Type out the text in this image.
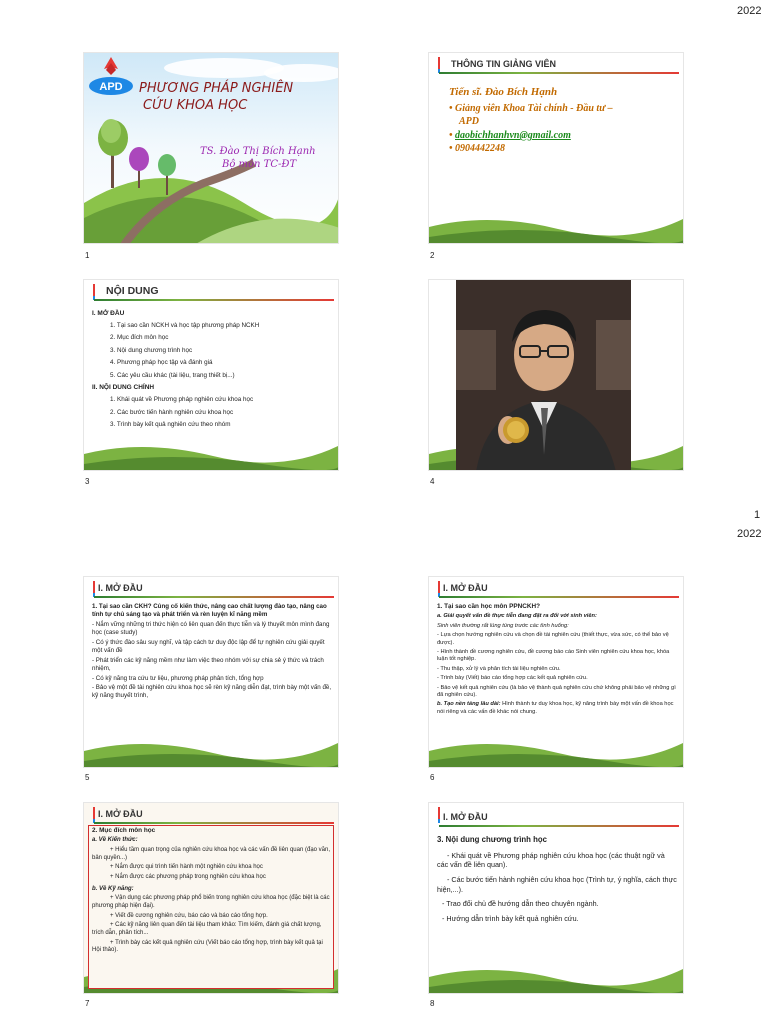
2022
APD PHƯƠNG PHÁP NGHIÊN
CỨU KHOA HỌC
TS. Đào Thị Bích Hạnh
Bộ môn TC-ĐT
1
THÔNG TIN GIẢNG VIÊN
Tiến sĩ. Đào Bích Hạnh
• Giảng viên Khoa Tài chính - Đầu tư –
APD
• daobichhanhvn@gmail.com
• 0904442248
2
NỘI DUNG
I. MỞ ĐẦU
1. Tại sao cần NCKH và học tập phương pháp NCKH
2. Mục đích môn học
3. Nội dung chương trình học
4. Phương pháp học tập và đánh giá
5. Các yêu cầu khác (tài liệu, trang thiết bị...)
II. NỘI DUNG CHÍNH
1. Khái quát về Phương pháp nghiên cứu khoa học
2. Các bước tiến hành nghiên cứu khoa học
3. Trình bày kết quả nghiên cứu theo nhóm
3	4
1
2022
I. MỞ ĐẦU

1. Tại sao cần CKH? Củng cố kiến thức, nâng cao chất lượng đào tạo, nâng cao tính tự chủ sáng tạo và phát triển và rèn luyện kĩ năng mềm

- Nắm vững những tri thức hiện có liên quan đến thực tiễn và lý thuyết môn mình đang học (case study)

- Có ý thức đào sâu suy nghĩ, và tập cách tư duy độc lập để tự nghiên cứu giải quyết một vấn đề

- Phát triển các kỹ năng mềm như làm việc theo nhóm với sự chia sẻ ý thức và trách nhiệm,

- Có kỹ năng tra cứu tư liệu, phương pháp phân tích, tổng hợp

- Bảo vệ một đề tài nghiên cứu khoa học sẽ rèn kỹ năng diễn đạt, trình bày một vấn đề, kỹ năng thuyết trình,

5
I. MỞ ĐẦU

1. Tại sao cần học môn PPNCKH?

a. Giải quyết vấn đề thực tiễn đang đặt ra đối với sinh viên:

Sinh viên thường rất lúng túng trước các tình huống:

- Lựa chọn hướng nghiên cứu và chọn đề tài nghiên cứu (thiết thực, vừa sức, có thể bảo vệ được).

- Hình thành đề cương nghiên cứu, đề cương báo cáo Sinh viên nghiên cứu khoa học, khóa luận tốt nghiệp.

- Thu thập, xử lý và phân tích tài liệu nghiên cứu.

- Trình bày (Viết) báo cáo tổng hợp các kết quả nghiên cứu.

- Bảo vệ kết quả nghiên cứu (là bảo vệ thành quả nghiên cứu chứ không phải bảo vệ những gì đã nghiên cứu).

b. Tạo nền tảng lâu dài: Hình thành tư duy khoa học, kỹ năng trình bày một vấn đề khoa học nói riêng và các vấn đề khác nói chung.

6
I. MỞ ĐẦU

2. Mục đích môn học

a. Về Kiến thức:

+ Hiểu tầm quan trọng của nghiên cứu khoa học và các vấn đề liên quan (đạo văn, bản quyền...)

+ Nắm được qui trình tiến hành một nghiên cứu khoa học

+ Nắm được các phương pháp trong nghiên cứu khoa học

b. Về Kỹ năng:

+ Vận dụng các phương pháp phổ biến trong nghiên cứu khoa học (đặc biệt là các phương pháp hiện đại).

+ Viết đề cương nghiên cứu, báo cáo và báo cáo tổng hợp.

+ Các kỹ năng liên quan đến tài liệu tham khảo: Tìm kiếm, đánh giá chất lượng, trích dẫn, phân tích...

+ Trình bày các kết quả nghiên cứu (Viết báo cáo tổng hợp, trình bày kết quả tại Hội thảo).

7
I. MỞ ĐẦU

3. Nội dung chương trình học

- Khái quát về Phương pháp nghiên cứu khoa học (các thuật ngữ và các vấn đề liên quan).

- Các bước tiến hành nghiên cứu khoa học (Trình tự, ý nghĩa, cách thực hiện,...).

- Trao đổi chủ đề hướng dẫn theo chuyên ngành.

- Hướng dẫn trình bày kết quả nghiên cứu.

8
